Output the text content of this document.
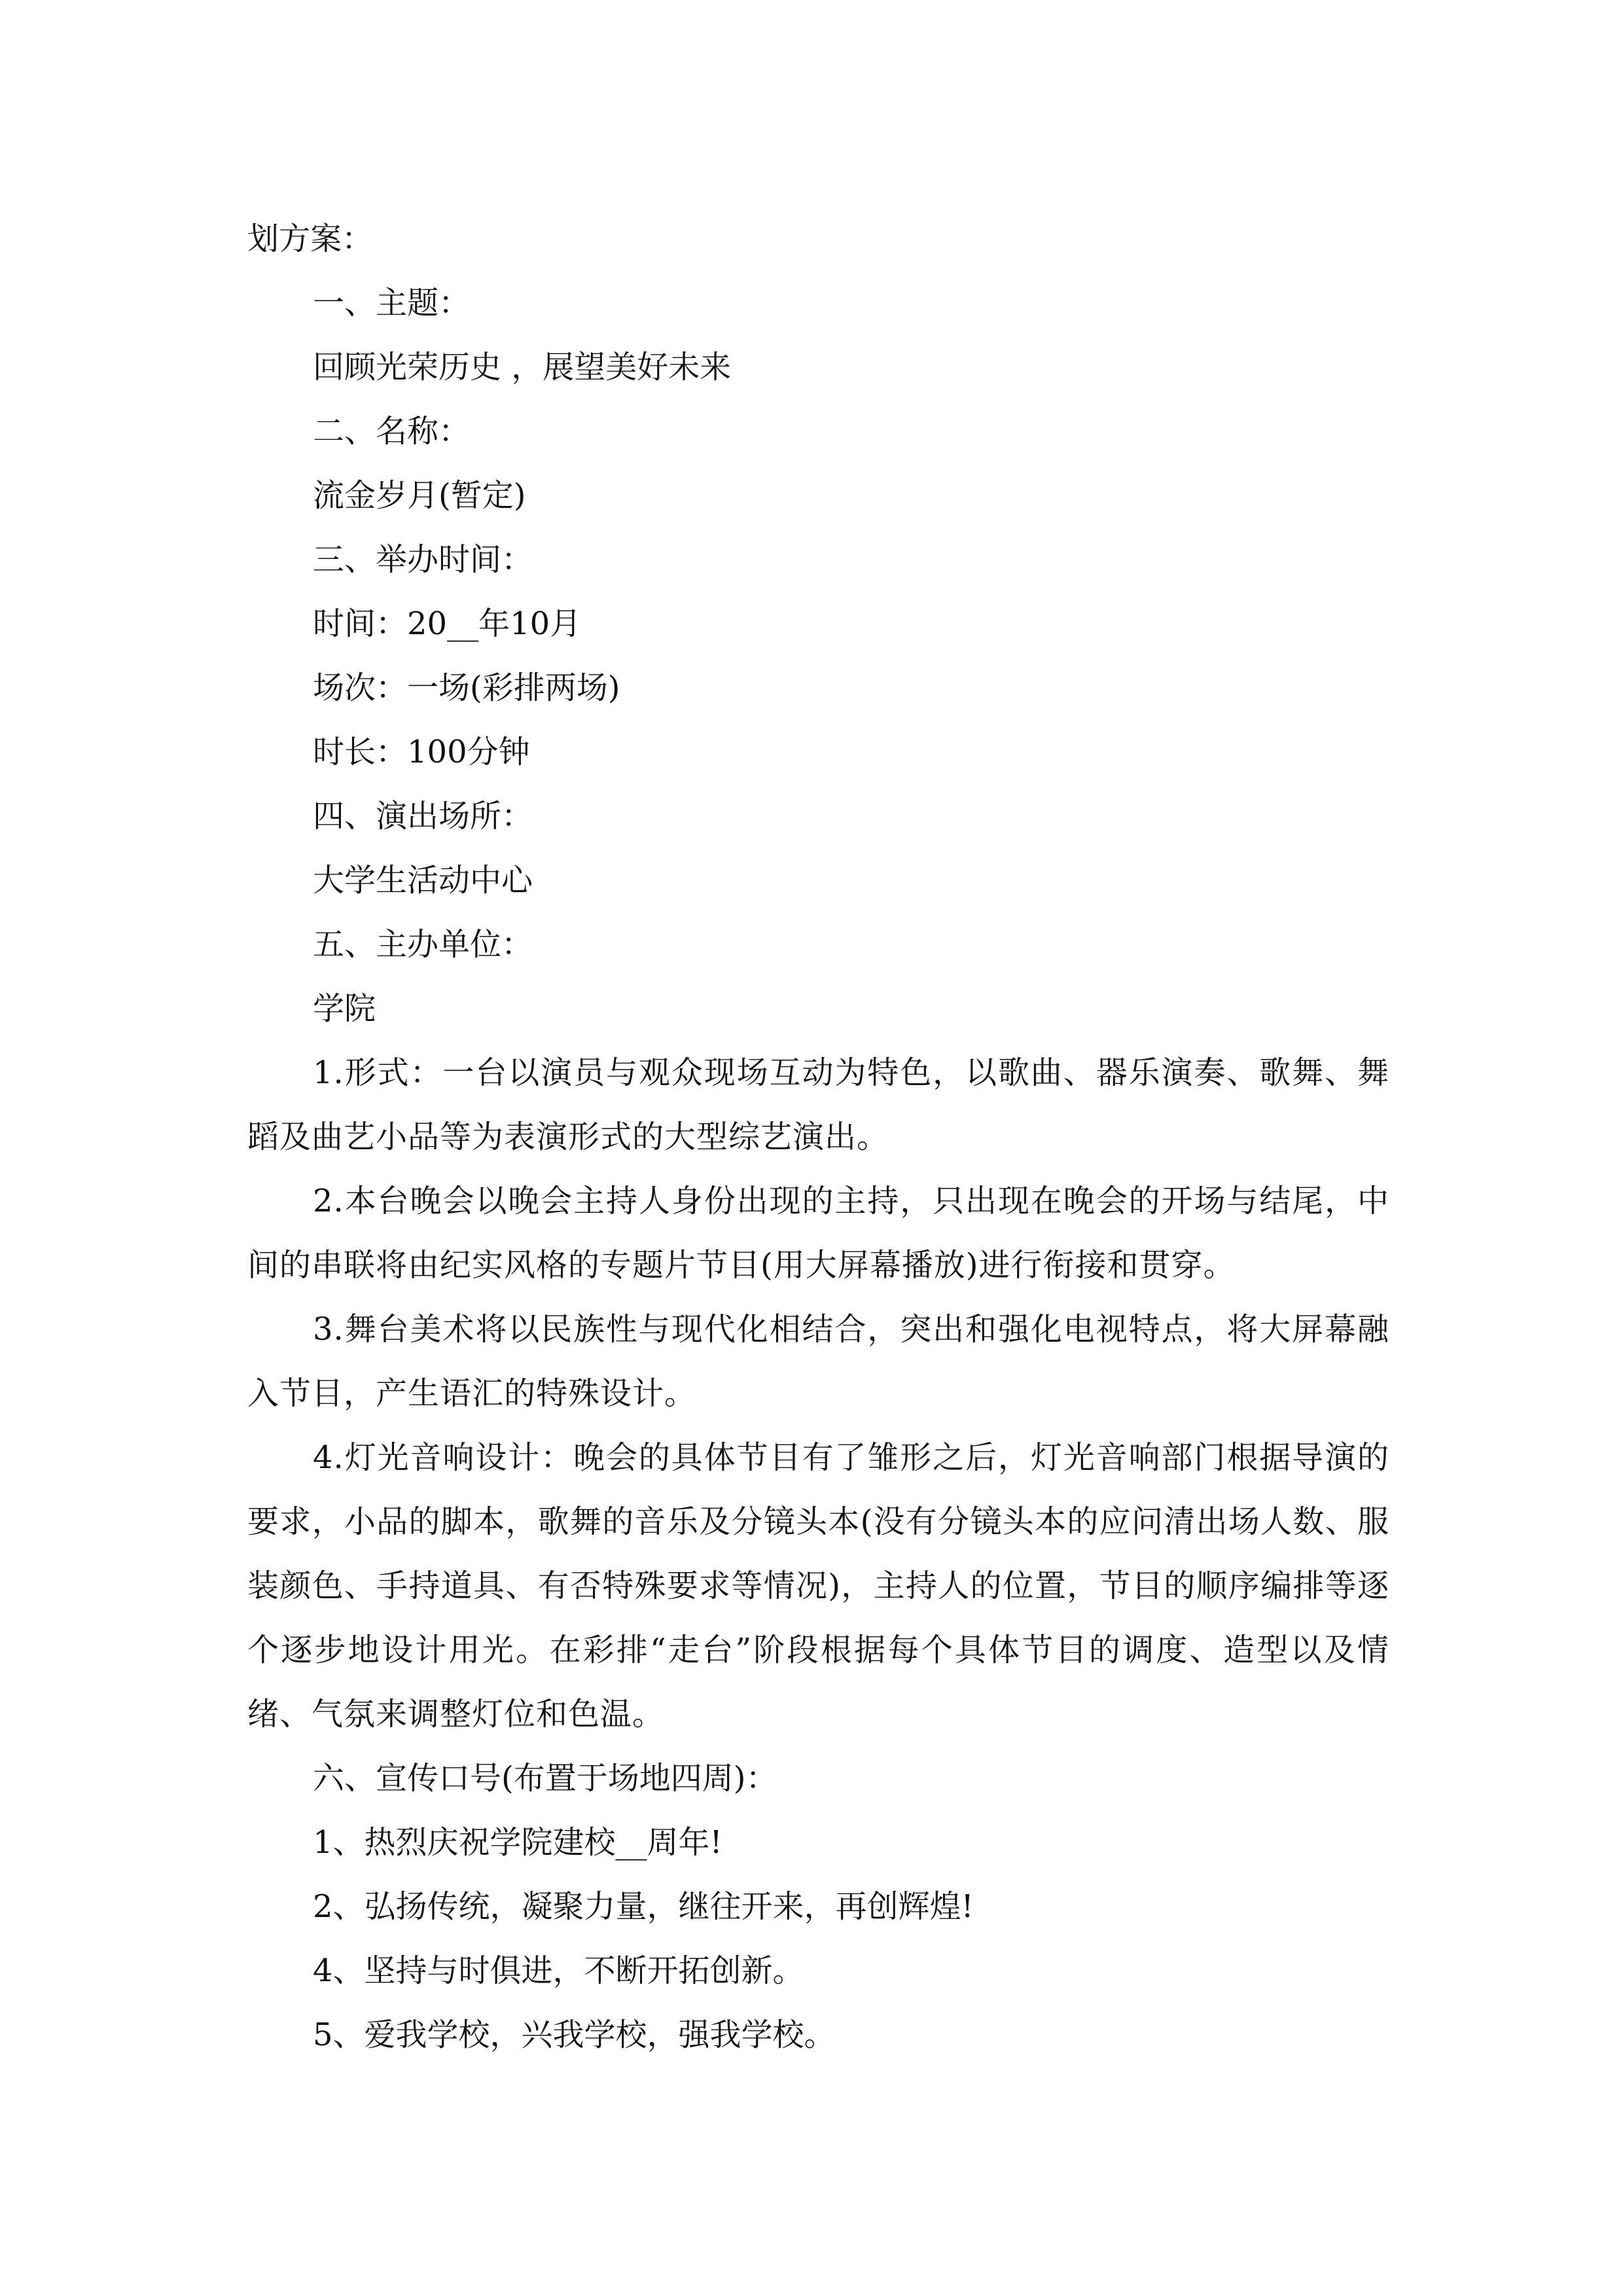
划方案：

一、主题：

回顾光荣历史 ，展望美好未来

二、名称：

流金岁月(暂定)

三、举办时间：

时间：20__年10月

场次：一场(彩排两场)

时长：100分钟

四、演出场所：

大学生活动中心

五、主办单位：

学院

1.形式：一台以演员与观众现场互动为特色，以歌曲、器乐演奏、歌舞、舞蹈及曲艺小品等为表演形式的大型综艺演出。

2.本台晚会以晚会主持人身份出现的主持，只出现在晚会的开场与结尾，中间的串联将由纪实风格的专题片节目(用大屏幕播放)进行衔接和贯穿。

3.舞台美术将以民族性与现代化相结合，突出和强化电视特点，将大屏幕融入节目，产生语汇的特殊设计。

4.灯光音响设计：晚会的具体节目有了雏形之后，灯光音响部门根据导演的要求，小品的脚本，歌舞的音乐及分镜头本(没有分镜头本的应问清出场人数、服装颜色、手持道具、有否特殊要求等情况)，主持人的位置，节目的顺序编排等逐个逐步地设计用光。在彩排“走台”阶段根据每个具体节目的调度、造型以及情绪、气氛来调整灯位和色温。

六、宣传口号(布置于场地四周)：

1、热烈庆祝学院建校__周年!

2、弘扬传统，凝聚力量，继往开来，再创辉煌!

4、坚持与时俱进，不断开拓创新。

5、爱我学校，兴我学校，强我学校。
